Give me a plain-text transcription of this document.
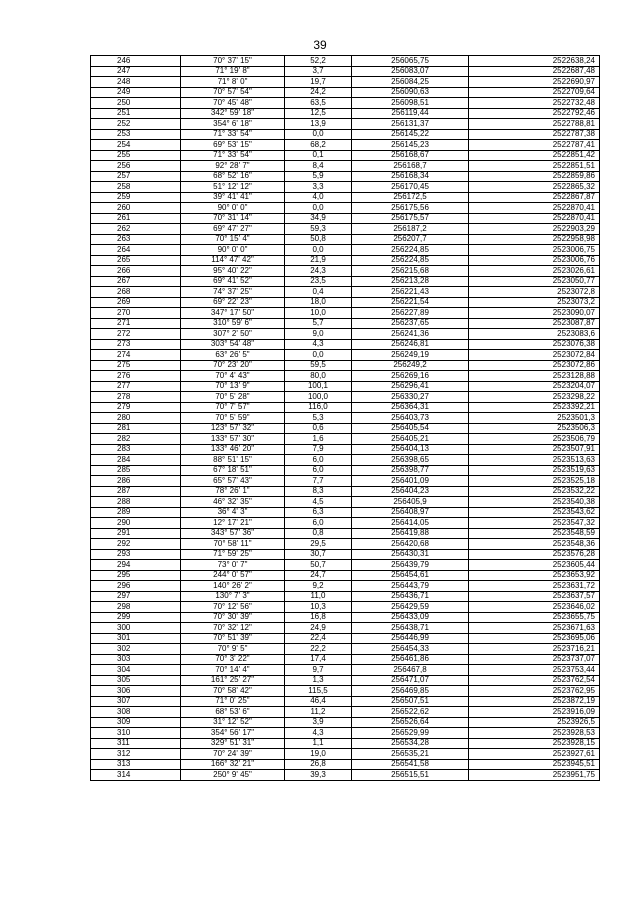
39
246	70° 37' 15"	52,2	256065,75	2522638,24
247	71° 19' 8"	3,7	256083,07	2522687,48
248	71° 8' 0"	19,7	256084,25	2522690,97
249	70° 57' 54"	24,2	256090,63	2522709,64
250	70° 45' 48"	63,5	256098,51	2522732,48
251	342° 59' 18"	12,5	256119,44	2522792,46
252	354° 6' 18"	13,9	256131,37	2522788,81
253	71° 33' 54"	0,0	256145,22	2522787,38
254	69° 53' 15"	68,2	256145,23	2522787,41
255	71° 33' 54"	0,1	256168,67	2522851,42
256	92° 28' 7"	8,4	256168,7	2522851,51
257	68° 52' 16"	5,9	256168,34	2522859,86
258	51° 12' 12"	3,3	256170,45	2522865,32
259	39° 41' 41"	4,0	256172,5	2522867,87
260	90° 0' 0"	0,0	256175,56	2522870,41
261	70° 31' 14"	34,9	256175,57	2522870,41
262	69° 47' 27"	59,3	256187,2	2522903,29
263	70° 15' 4"	50,8	256207,7	2522958,98
264	90° 0' 0"	0,0	256224,85	2523006,75
265	114° 47' 42"	21,9	256224,85	2523006,76
266	95° 40' 22"	24,3	256215,68	2523026,61
267	69° 41' 52"	23,5	256213,28	2523050,77
268	74° 37' 25"	0,4	256221,43	2523072,8
269	69° 22' 23"	18,0	256221,54	2523073,2
270	347° 17' 50"	10,0	256227,89	2523090,07
271	310° 59' 6"	5,7	256237,65	2523087,87
272	307° 2' 50"	9,0	256241,36	2523083,6
273	303° 54' 48"	4,3	256246,81	2523076,38
274	63° 26' 5"	0,0	256249,19	2523072,84
275	70° 23' 20"	59,5	256249,2	2523072,86
276	70° 4' 43"	80,0	256269,16	2523128,88
277	70° 13' 9"	100,1	256296,41	2523204,07
278	70° 5' 28"	100,0	256330,27	2523298,22
279	70° 7' 57"	116,0	256364,31	2523392,21
280	70° 5' 59"	5,3	256403,73	2523501,3
281	123° 57' 32"	0,6	256405,54	2523506,3
282	133° 57' 30"	1,6	256405,21	2523506,79
283	133° 46' 20"	7,9	256404,13	2523507,91
284	88° 51' 15"	6,0	256398,65	2523513,63
285	67° 18' 51"	6,0	256398,77	2523519,63
286	65° 57' 43"	7,7	256401,09	2523525,18
287	78° 26' 1"	8,3	256404,23	2523532,22
288	46° 32' 35"	4,5	256405,9	2523540,38
289	36° 4' 3"	6,3	256408,97	2523543,62
290	12° 17' 21"	6,0	256414,05	2523547,32
291	343° 57' 36"	0,8	256419,88	2523548,59
292	70° 58' 11"	29,5	256420,68	2523548,36
293	71° 59' 25"	30,7	256430,31	2523576,28
294	73° 0' 7"	50,7	256439,79	2523605,44
295	244° 0' 57"	24,7	256454,61	2523653,92
296	140° 26' 2"	9,2	256443,79	2523631,72
297	130° 7' 3"	11,0	256436,71	2523637,57
298	70° 12' 56"	10,3	256429,59	2523646,02
299	70° 30' 39"	16,8	256433,09	2523655,75
300	70° 32' 12"	24,9	256438,71	2523671,63
301	70° 51' 39"	22,4	256446,99	2523695,06
302	70° 9' 5"	22,2	256454,33	2523716,21
303	70° 3' 22"	17,4	256461,86	2523737,07
304	70° 14' 4"	9,7	256467,8	2523753,44
305	161° 25' 27"	1,3	256471,07	2523762,54
306	70° 58' 42"	115,5	256469,85	2523762,95
307	71° 0' 25"	46,4	256507,51	2523872,19
308	68° 53' 6"	11,2	256522,62	2523916,09
309	31° 12' 52"	3,9	256526,64	2523926,5
310	354° 56' 17"	4,3	256529,99	2523928,53
311	329° 51' 31"	1,1	256534,28	2523928,15
312	70° 24' 39"	19,0	256535,21	2523927,61
313	166° 32' 21"	26,8	256541,58	2523945,51
314	250° 9' 45"	39,3	256515,51	2523951,75
